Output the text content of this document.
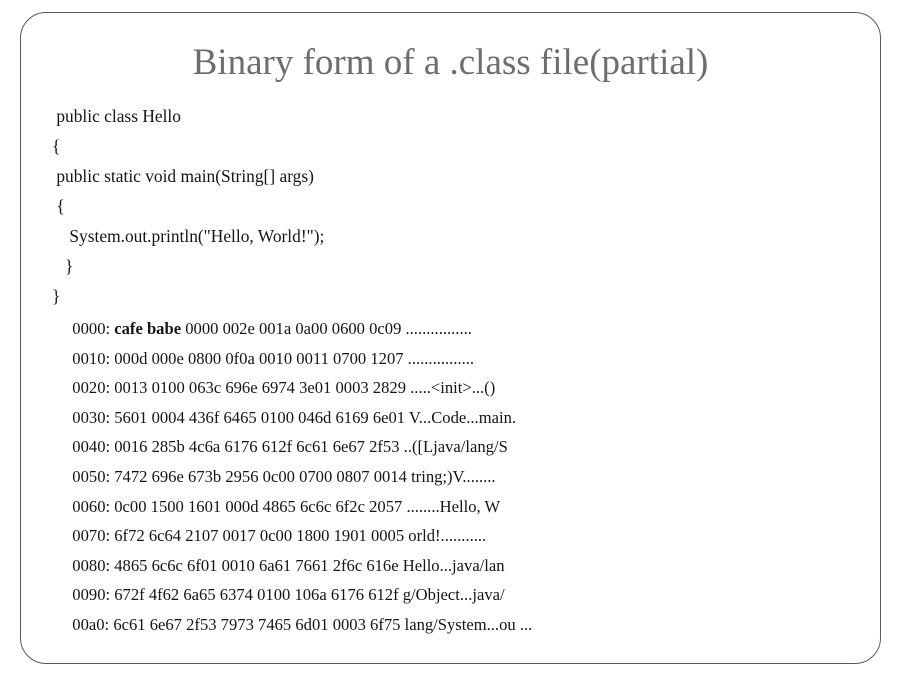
Binary form of a .class file(partial)
public class Hello
{
public static void main(String[] args)
{
System.out.println("Hello, World!");
}
}
0000: cafe babe 0000 002e 001a 0a00 0600 0c09 ................
0010: 000d 000e 0800 0f0a 0010 0011 0700 1207 ................
0020: 0013 0100 063c 696e 6974 3e01 0003 2829 .....<init>...()
0030: 5601 0004 436f 6465 0100 046d 6169 6e01 V...Code...main.
0040: 0016 285b 4c6a 6176 612f 6c61 6e67 2f53 ..([Ljava/lang/S
0050: 7472 696e 673b 2956 0c00 0700 0807 0014 tring;)V........
0060: 0c00 1500 1601 000d 4865 6c6c 6f2c 2057 ........Hello, W
0070: 6f72 6c64 2107 0017 0c00 1800 1901 0005 orld!...........
0080: 4865 6c6c 6f01 0010 6a61 7661 2f6c 616e Hello...java/lan
0090: 672f 4f62 6a65 6374 0100 106a 6176 612f g/Object...java/
00a0: 6c61 6e67 2f53 7973 7465 6d01 0003 6f75 lang/System...ou ...
